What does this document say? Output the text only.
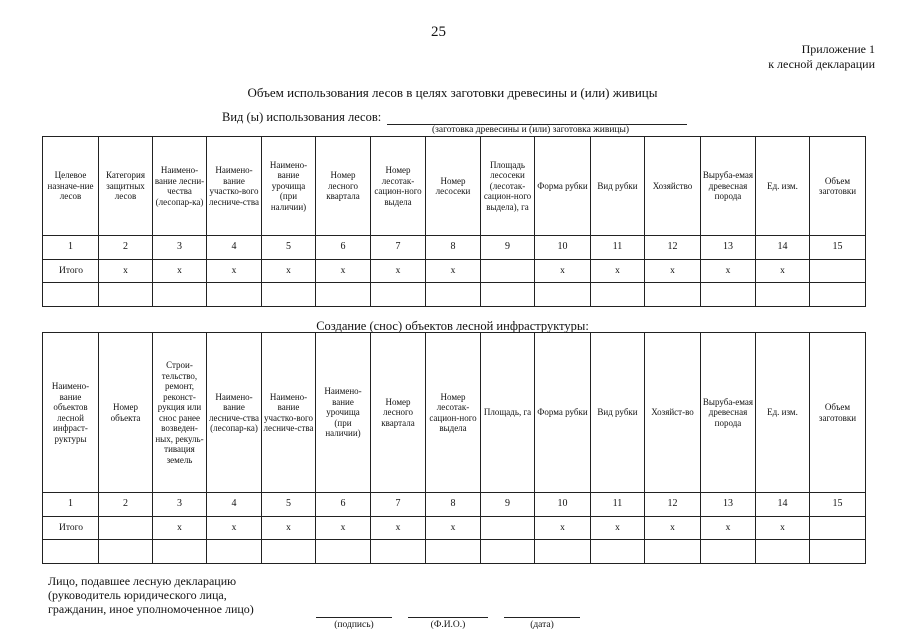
25
Приложение 1
к лесной декларации
Объем использования лесов в целях заготовки древесины и (или) живицы
Вид (ы) использования лесов:
(заготовка древесины и (или) заготовка живицы)
Целевое назначе-ние лесов	Категория защитных лесов	Наимено-вание лесни-чества (лесопар-ка)	Наимено-вание участко-вого лесниче-ства	Наимено-вание урочища (при наличии)	Номер лесного квартала	Номер лесотак-сацион-ного выдела	Номер лесосеки	Площадь лесосеки (лесотак-сацион-ного выдела), га	Форма рубки	Вид рубки	Хозяйство	Вырубa-емая древесная порода	Ед. изм.	Объем заготовки
1	2	3	4	5	6	7	8	9	10	11	12	13	14	15
Итого	x	x	x	x	x	x	x		x	x	x	x	x	

Создание (снос) объектов лесной инфраструктуры:
Наимено-вание объектов лесной инфраст-руктуры	Номер объекта	Строи-тельство, ремонт, реконст-рукция или снос ранее возведен-ных, рекуль-тивация земель	Наимено-вание лесниче-ства (лесопар-ка)	Наимено-вание участко-вого лесниче-ства	Наимено-вание урочища (при наличии)	Номер лесного квартала	Номер лесотак-сацион-ного выдела	Площадь, га	Форма рубки	Вид рубки	Хозяйст-во	Вырубa-емая древесная порода	Ед. изм.	Объем заготовки
1	2	3	4	5	6	7	8	9	10	11	12	13	14	15
Итого		x	x	x	x	x	x		x	x	x	x	x	

Лицо, подавшее лесную декларацию
(руководитель юридического лица,
гражданин, иное уполномоченное лицо)
(подпись)	(Ф.И.О.)	(дата)
